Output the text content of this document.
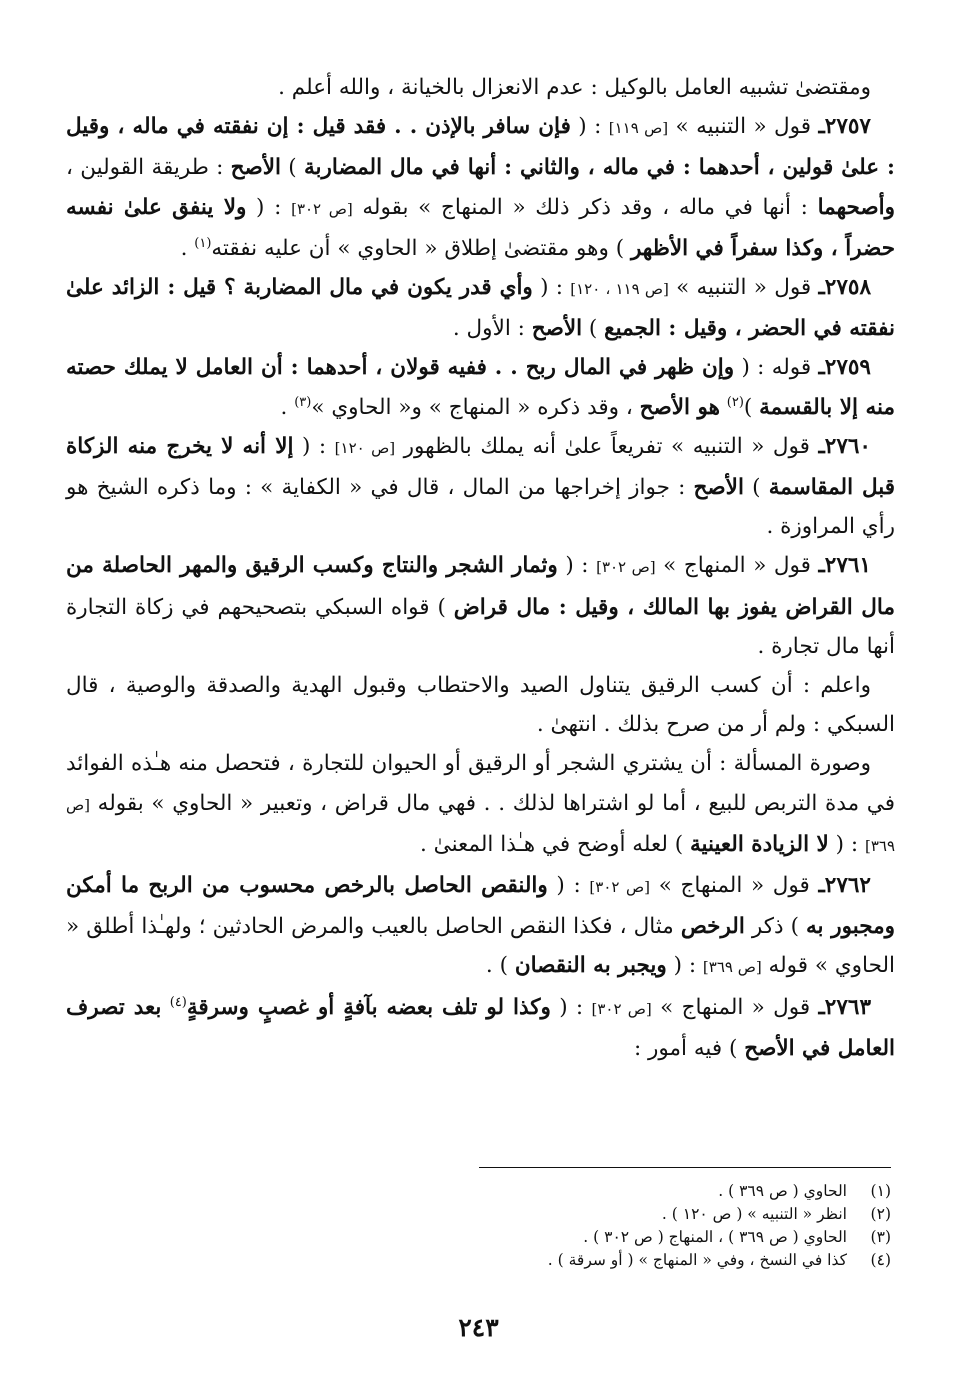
ومقتضىٰ تشبيه العامل بالوكيل : عدم الانعزال بالخيانة ، والله أعلم .

٢٧٥٧ـ قول « التنبيه » [ص ١١٩] : ( فإن سافر بالإذن . . فقد قيل : إن نفقته في ماله ، وقيل : علىٰ قولين ، أحدهما : في ماله ، والثاني : أنها في مال المضاربة ) الأصح : طريقة القولين ، وأصحهما : أنها في ماله ، وقد ذكر ذلك « المنهاج » بقوله [ص ٣٠٢] : ( ولا ينفق علىٰ نفسه حضراً ، وكذا سفراً في الأظهر ) وهو مقتضىٰ إطلاق « الحاوي » أن عليه نفقته$^{(١)}$ .

٢٧٥٨ـ قول « التنبيه » [ص ١١٩ ، ١٢٠] : ( وأي قدر يكون في مال المضاربة ؟ قيل : الزائد علىٰ نفقته في الحضر ، وقيل : الجميع ) الأصح : الأول .

٢٧٥٩ـ قوله : ( وإن ظهر في المال ربح . . ففيه قولان ، أحدهما : أن العامل لا يملك حصته منه إلا بالقسمة )$^{(٢)}$ هو الأصح ، وقد ذكره « المنهاج » و« الحاوي »$^{(٣)}$ .

٢٧٦٠ـ قول « التنبيه » تفريعاً علىٰ أنه يملك بالظهور [ص ١٢٠] : ( إلا أنه لا يخرج منه الزكاة قبل المقاسمة ) الأصح : جواز إخراجها من المال ، قال في « الكفاية » : وما ذكره الشيخ هو رأي المراوزة .

٢٧٦١ـ قول « المنهاج » [ص ٣٠٢] : ( وثمار الشجر والنتاج وكسب الرقيق والمهر الحاصلة من مال القراض يفوز بها المالك ، وقيل : مال قراض ) قواه السبكي بتصحيحهم في زكاة التجارة أنها مال تجارة .

واعلم : أن كسب الرقيق يتناول الصيد والاحتطاب وقبول الهدية والصدقة والوصية ، قال السبكي : ولم أر من صرح بذلك . انتهىٰ .

وصورة المسألة : أن يشتري الشجر أو الرقيق أو الحيوان للتجارة ، فتحصل منه هـٰذه الفوائد في مدة التربص للبيع ، أما لو اشتراها لذلك . . فهي مال قراض ، وتعبير « الحاوي » بقوله [ص ٣٦٩] : ( لا الزيادة العينية ) لعله أوضح في هـٰذا المعنىٰ .

٢٧٦٢ـ قول « المنهاج » [ص ٣٠٢] : ( والنقص الحاصل بالرخص محسوب من الربح ما أمكن ومجبور به ) ذكر الرخص مثال ، فكذا النقص الحاصل بالعيب والمرض الحادثين ؛ ولهـٰذا أطلق « الحاوي » قوله [ص ٣٦٩] : ( ويجبر به النقصان ) .

٢٧٦٣ـ قول « المنهاج » [ص ٣٠٢] : ( وكذا لو تلف بعضه بآفةٍ أو غصبٍ وسرقةٍ$^{(٤)}$ بعد تصرف العامل في الأصح ) فيه أمور :

(١)
الحاوي ( ص ٣٦٩ ) .
(٢)
انظر « التنبيه » ( ص ١٢٠ ) .
(٣)
الحاوي ( ص ٣٦٩ ) ، المنهاج ( ص ٣٠٢ ) .
(٤)
كذا في النسخ ، وفي « المنهاج » ( أو سرقة ) .
٢٤٣
